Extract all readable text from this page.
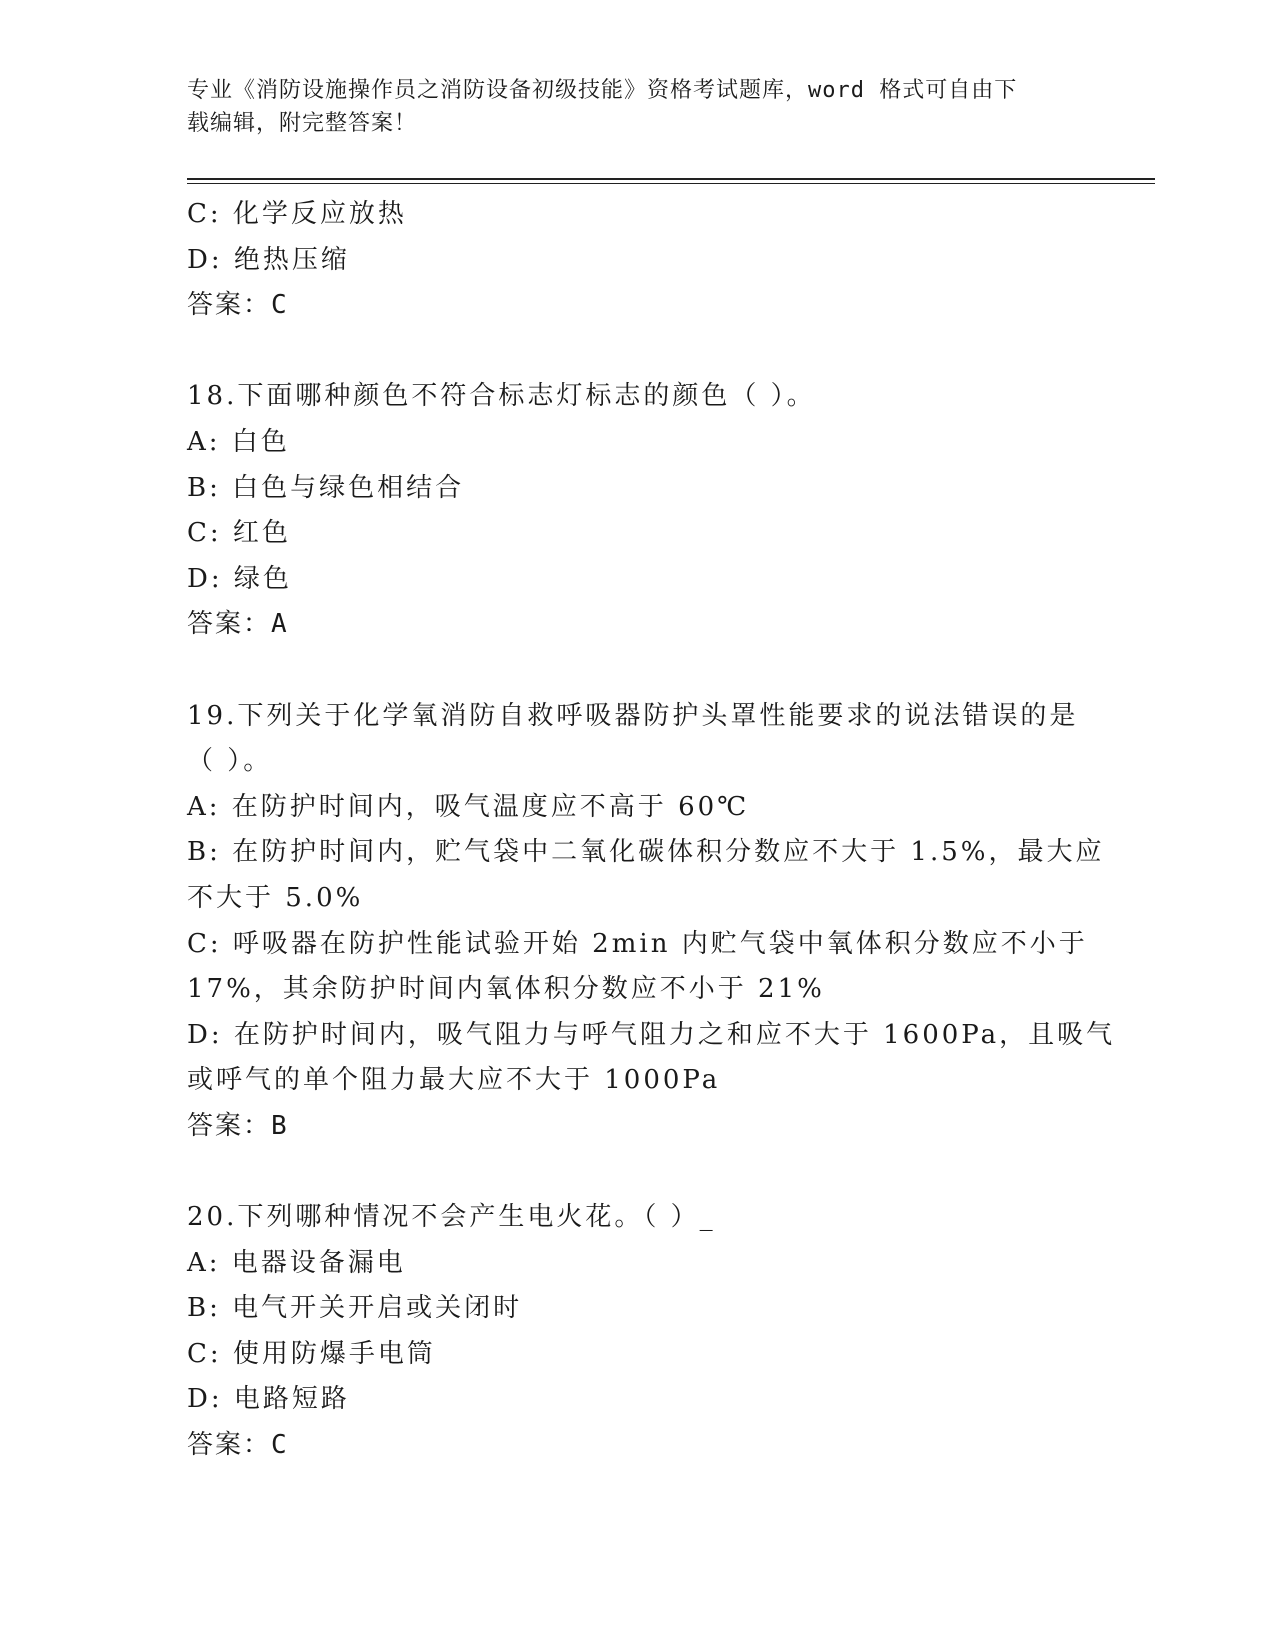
专业《消防设施操作员之消防设备初级技能》资格考试题库，word 格式可自由下
载编辑，附完整答案！
C: 化学反应放热
D: 绝热压缩
答案：C
18.下面哪种颜色不符合标志灯标志的颜色（ ）。
A: 白色
B: 白色与绿色相结合
C: 红色
D: 绿色
答案：A
19.下列关于化学氧消防自救呼吸器防护头罩性能要求的说法错误的是
（ ）。
A: 在防护时间内，吸气温度应不高于 60℃
B: 在防护时间内，贮气袋中二氧化碳体积分数应不大于 1.5%，最大应
不大于 5.0%
C: 呼吸器在防护性能试验开始 2min 内贮气袋中氧体积分数应不小于
17%，其余防护时间内氧体积分数应不小于 21%
D: 在防护时间内，吸气阻力与呼气阻力之和应不大于 1600Pa，且吸气
或呼气的单个阻力最大应不大于 1000Pa
答案：B
20.下列哪种情况不会产生电火花。（ ）_
A: 电器设备漏电
B: 电气开关开启或关闭时
C: 使用防爆手电筒
D: 电路短路
答案：C
